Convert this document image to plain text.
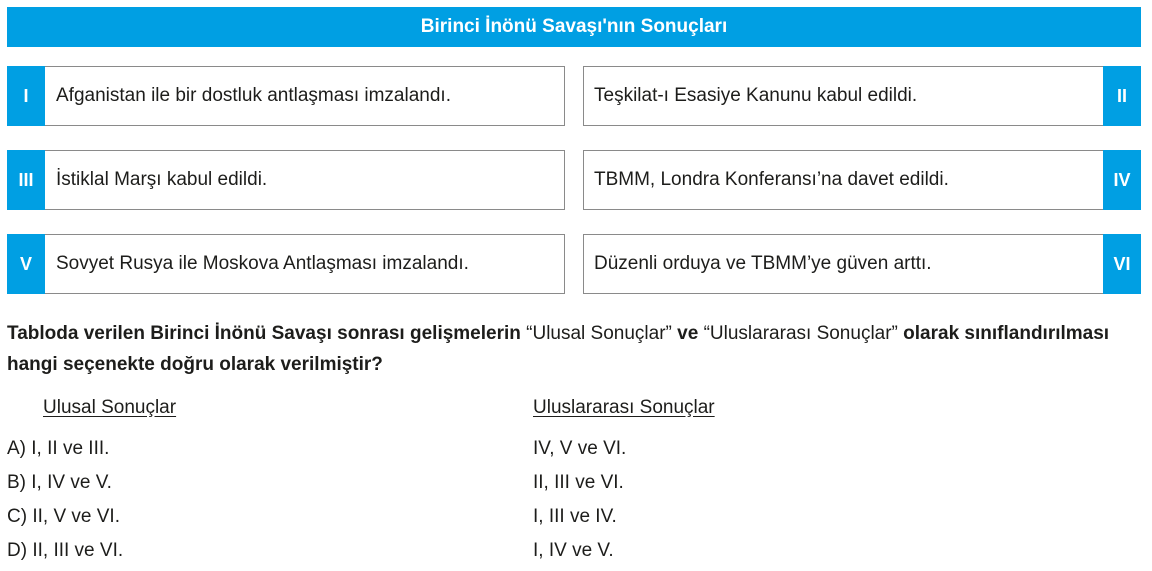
Birinci İnönü Savaşı'nın Sonuçları
I	Afganistan ile bir dostluk antlaşması imzalandı.	Teşkilat-ı Esasiye Kanunu kabul edildi.	II
III	İstiklal Marşı kabul edildi.	TBMM, Londra Konferansı’na davet edildi.	IV
V	Sovyet Rusya ile Moskova Antlaşması imzalandı.	Düzenli orduya ve TBMM’ye güven arttı.	VI
Tabloda verilen Birinci İnönü Savaşı sonrası gelişmelerin “Ulusal Sonuçlar” ve “Uluslararası Sonuçlar” olarak sınıflandırılması hangi seçenekte doğru olarak verilmiştir?
Ulusal Sonuçlar	Uluslararası Sonuçlar
A) I, II ve III.	IV, V ve VI.
B) I, IV ve V.	II, III ve VI.
C) II, V ve VI.	I, III ve IV.
D) II, III ve VI.	I, IV ve V.
